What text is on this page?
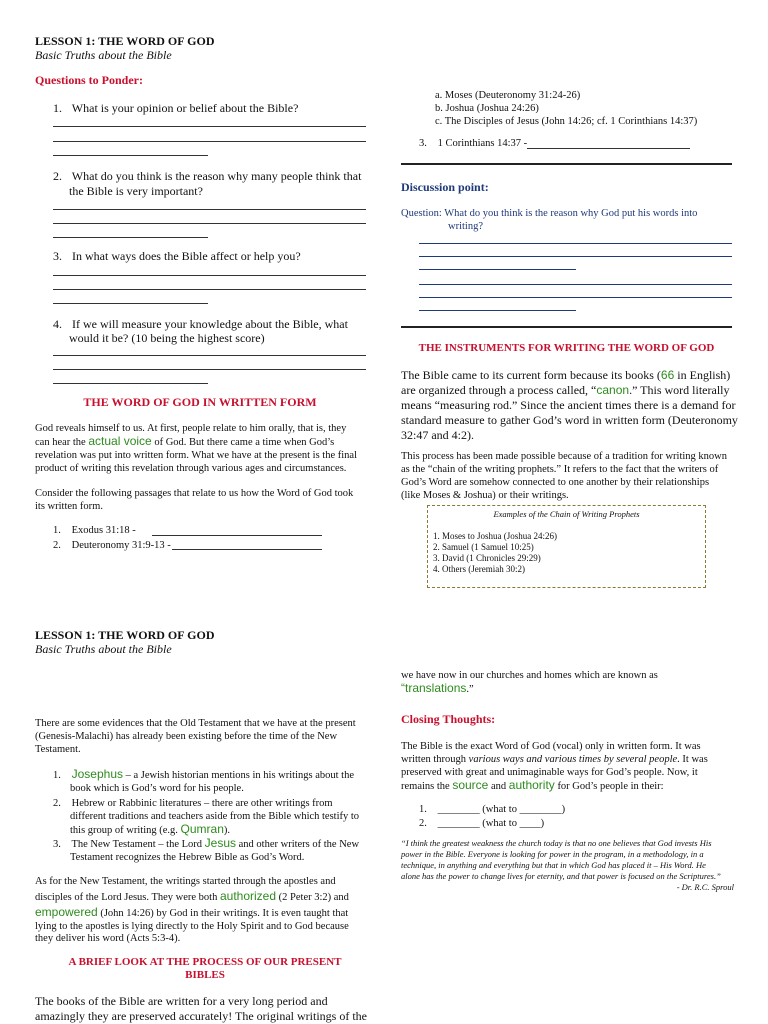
LESSON 1: THE WORD OF GOD
Basic Truths about the Bible
Questions to Ponder:
1. What is your opinion or belief about the Bible?
2. What do you think is the reason why many people think that
the Bible is very important?
3. In what ways does the Bible affect or help you?
4. If we will measure your knowledge about the Bible, what
would it be? (10 being the highest score)
THE WORD OF GOD IN WRITTEN FORM
God reveals himself to us. At first, people relate to him orally, that is, they
can hear the actual voice of God. But there came a time when God’s
revelation was put into written form. What we have at the present is the final
product of writing this revelation through various ages and circumstances.
Consider the following passages that relate to us how the Word of God took
its written form.
1. Exodus 31:18 -
2. Deuteronomy 31:9-13 -
a. Moses (Deuteronomy 31:24-26)
b. Joshua (Joshua 24:26)
c. The Disciples of Jesus (John 14:26; cf. 1 Corinthians 14:37)
3. 1 Corinthians 14:37 -
Discussion point:
Question: What do you think is the reason why God put his words into
writing?
THE INSTRUMENTS FOR WRITING THE WORD OF GOD
The Bible came to its current form because its books (66 in English)
are organized through a process called, “canon.” This word literally
means “measuring rod.” Since the ancient times there is a demand for
standard measure to gather God’s word in written form (Deuteronomy
32:47 and 4:2).
This process has been made possible because of a tradition for writing known
as the “chain of the writing prophets.” It refers to the fact that the writers of
God’s Word are somehow connected to one another by their relationships
(like Moses & Joshua) or their writings.
Examples of the Chain of Writing Prophets
1. Moses to Joshua (Joshua 24:26)
2. Samuel (1 Samuel 10:25)
3. David (1 Chronicles 29:29)
4. Others (Jeremiah 30:2)
LESSON 1: THE WORD OF GOD
Basic Truths about the Bible
There are some evidences that the Old Testament that we have at the present
(Genesis-Malachi) has already been existing before the time of the New
Testament.
1. Josephus – a Jewish historian mentions in his writings about the
book which is God’s word for his people.
2. Hebrew or Rabbinic literatures – there are other writings from
different traditions and teachers aside from the Bible which testify to
this group of writing (e.g. Qumran).
3. The New Testament – the Lord Jesus and other writers of the New
Testament recognizes the Hebrew Bible as God’s Word.
As for the New Testament, the writings started through the apostles and
disciples of the Lord Jesus. They were both authorized (2 Peter 3:2) and
empowered (John 14:26) by God in their writings. It is even taught that
lying to the apostles is lying directly to the Holy Spirit and to God because
they deliver his word (Acts 5:3-4).
A BRIEF LOOK AT THE PROCESS OF OUR PRESENT
BIBLES
The books of the Bible are written for a very long period and
amazingly they are preserved accurately! The original writings of the
we have now in our churches and homes which are known as
“translations.”
Closing Thoughts:
The Bible is the exact Word of God (vocal) only in written form. It was
written through various ways and various times by several people. It was
preserved with great and unimaginable ways for God’s people. Now, it
remains the source and authority for God’s people in their:
1. ________ (what to ________)
2. ________ (what to ____)
“I think the greatest weakness the church today is that no one believes that God invests His
power in the Bible. Everyone is looking for power in the program, in a methodology, in a
technique, in anything and everything but that in which God has placed it – His Word. He
alone has the power to change lives for eternity, and that power is focused on the Scriptures.”
- Dr. R.C. Sproul
